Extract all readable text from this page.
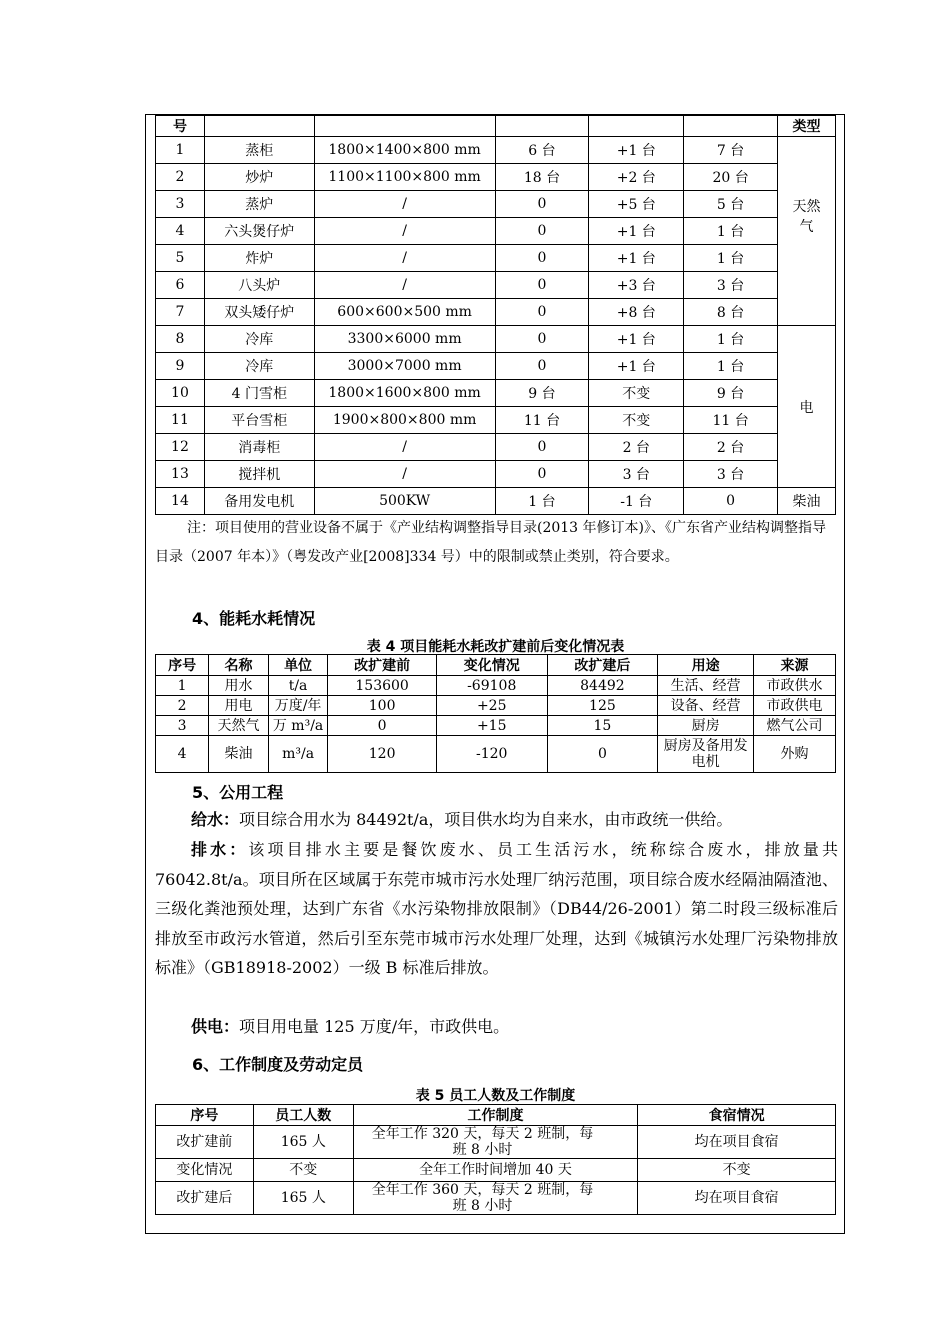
号						类型
1	蒸柜	1800×1400×800 mm	6 台	+1 台	7 台	天然气
2	炒炉	1100×1100×800 mm	18 台	+2 台	20 台	
3	蒸炉	/	0	+5 台	5 台	
4	六头煲仔炉	/	0	+1 台	1 台	
5	炸炉	/	0	+1 台	1 台	
6	八头炉	/	0	+3 台	3 台	
7	双头矮仔炉	600×600×500 mm	0	+8 台	8 台	
8	冷库	3300×6000 mm	0	+1 台	1 台	电
9	冷库	3000×7000 mm	0	+1 台	1 台	
10	4 门雪柜	1800×1600×800 mm	9 台	不变	9 台	
11	平台雪柜	1900×800×800 mm	11 台	不变	11 台	
12	消毒柜	/	0	2 台	2 台	
13	搅拌机	/	0	3 台	3 台	
14	备用发电机	500KW	1 台	-1 台	0	柴油
注：项目使用的营业设备不属于《产业结构调整指导目录(2013 年修订本)》、《广东省产业结构调整指导目录（2007 年本）》（粤发改产业[2008]334 号）中的限制或禁止类别，符合要求。
4、能耗水耗情况
表 4 项目能耗水耗改扩建前后变化情况表
序号	名称	单位	改扩建前	变化情况	改扩建后	用途	来源
1	用水	t/a	153600	-69108	84492	生活、经营	市政供水
2	用电	万度/年	100	+25	125	设备、经营	市政供电
3	天然气	万 m³/a	0	+15	15	厨房	燃气公司
4	柴油	m³/a	120	-120	0	厨房及备用发电机	外购
5、公用工程
给水：项目综合用水为 84492t/a，项目供水均为自来水，由市政统一供给。
排水：该项目排水主要是餐饮废水、员工生活污水，统称综合废水，排放量共 76042.8t/a。项目所在区域属于东莞市城市污水处理厂纳污范围，项目综合废水经隔油隔渣池、三级化粪池预处理，达到广东省《水污染物排放限制》（DB44/26-2001）第二时段三级标准后排放至市政污水管道，然后引至东莞市城市污水处理厂处理，达到《城镇污水处理厂污染物排放标准》（GB18918-2002）一级 B 标准后排放。
供电：项目用电量 125 万度/年，市政供电。
6、工作制度及劳动定员
表 5 员工人数及工作制度
序号	员工人数	工作制度	食宿情况
改扩建前	165 人	全年工作 320 天，每天 2 班制，每班 8 小时	均在项目食宿
变化情况	不变	全年工作时间增加 40 天	不变
改扩建后	165 人	全年工作 360 天，每天 2 班制，每班 8 小时	均在项目食宿
